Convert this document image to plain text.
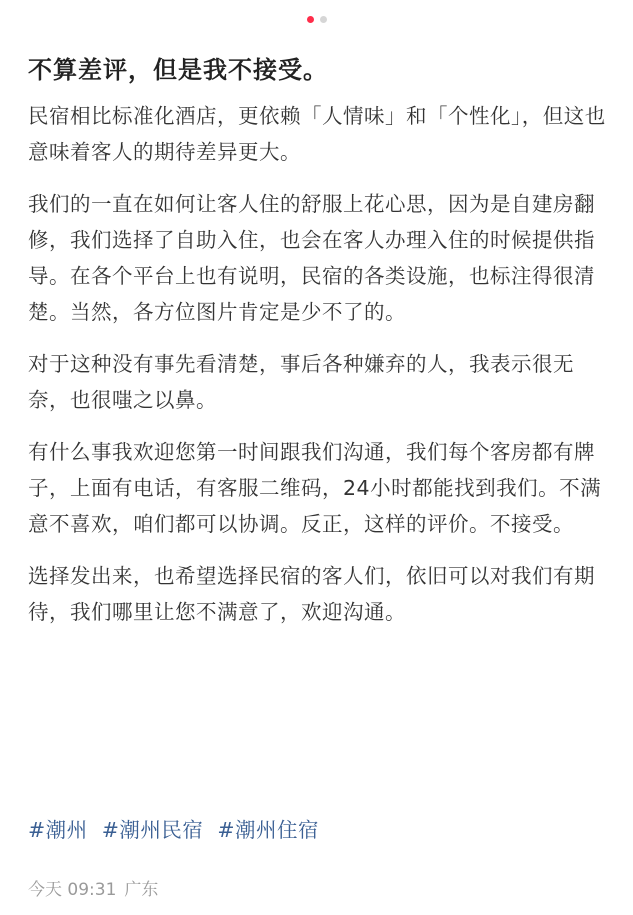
不算差评，但是我不接受。

民宿相比标准化酒店，更依赖「人情味」和「个性化」，但这也意味着客人的期待差异更大。

我们的一直在如何让客人住的舒服上花心思，因为是自建房翻修，我们选择了自助入住，也会在客人办理入住的时候提供指导。在各个平台上也有说明，民宿的各类设施，也标注得很清楚。当然，各方位图片肯定是少不了的。

对于这种没有事先看清楚，事后各种嫌弃的人，我表示很无奈，也很嗤之以鼻。

有什么事我欢迎您第一时间跟我们沟通，我们每个客房都有牌子，上面有电话，有客服二维码，24小时都能找到我们。不满意不喜欢，咱们都可以协调。反正，这样的评价。不接受。

选择发出来，也希望选择民宿的客人们，依旧可以对我们有期待，我们哪里让您不满意了，欢迎沟通。

#潮州 #潮州民宿 #潮州住宿
今天 09:31 广东
